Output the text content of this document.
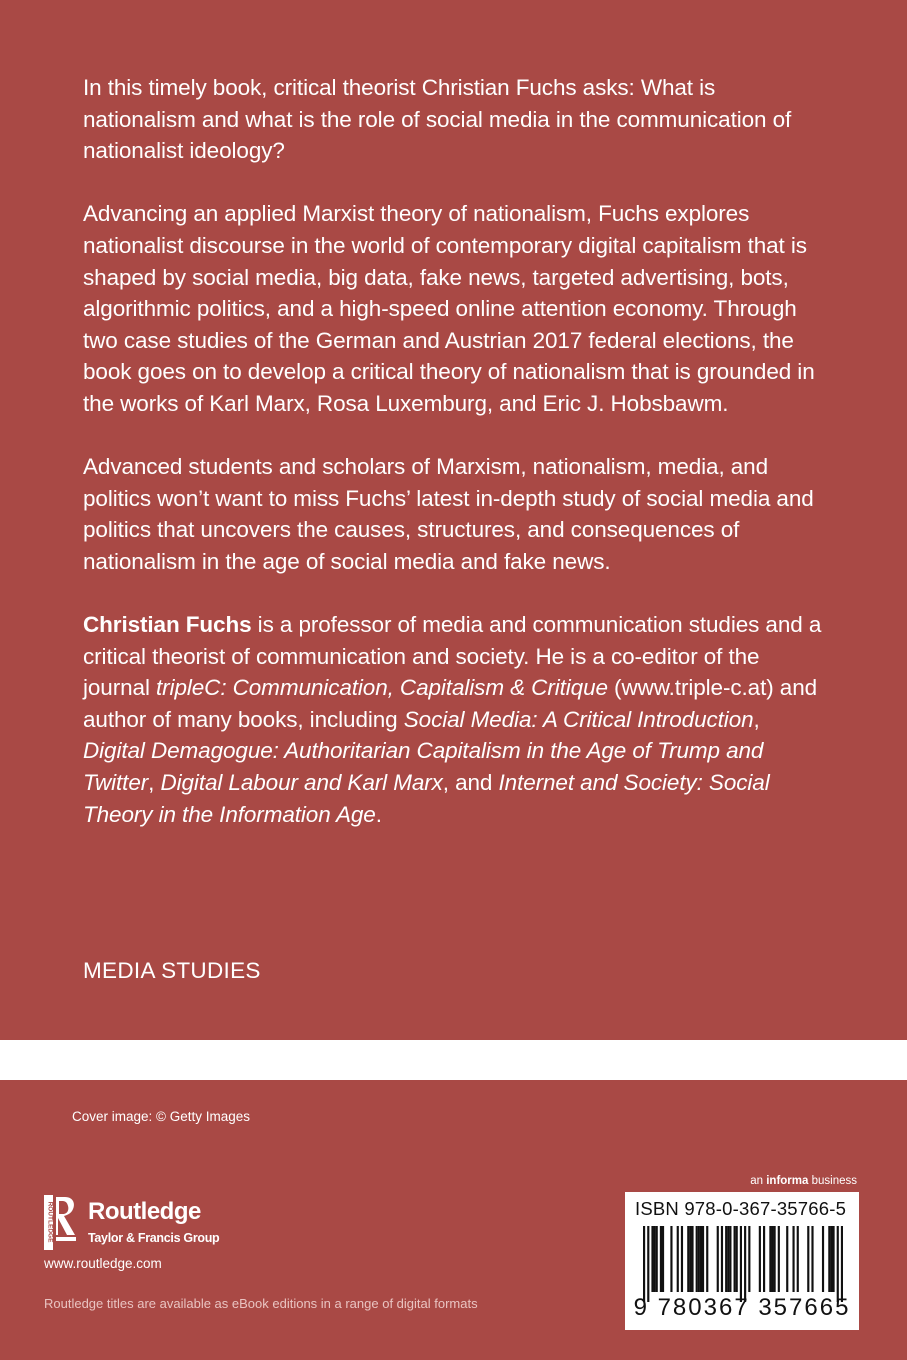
In this timely book, critical theorist Christian Fuchs asks: What is nationalism and what is the role of social media in the communication of nationalist ideology?

Advancing an applied Marxist theory of nationalism, Fuchs explores nationalist discourse in the world of contemporary digital capitalism that is shaped by social media, big data, fake news, targeted advertising, bots, algorithmic politics, and a high-speed online attention economy. Through two case studies of the German and Austrian 2017 federal elections, the book goes on to develop a critical theory of nationalism that is grounded in the works of Karl Marx, Rosa Luxemburg, and Eric J. Hobsbawm.

Advanced students and scholars of Marxism, nationalism, media, and politics won’t want to miss Fuchs’ latest in-depth study of social media and politics that uncovers the causes, structures, and consequences of nationalism in the age of social media and fake news.

Christian Fuchs is a professor of media and communication studies and a critical theorist of communication and society. He is a co-editor of the journal tripleC: Communication, Capitalism & Critique (www.triple-c.at) and author of many books, including Social Media: A Critical Introduction, Digital Demagogue: Authoritarian Capitalism in the Age of Trump and Twitter, Digital Labour and Karl Marx, and Internet and Society: Social Theory in the Information Age.

MEDIA STUDIES
Cover image: © Getty Images
ROUTLEDGE Routledge
Taylor & Francis Group
www.routledge.com
Routledge titles are available as eBook editions in a range of digital formats
an informa business
ISBN 978-0-367-35766-5
9 780367 357665
